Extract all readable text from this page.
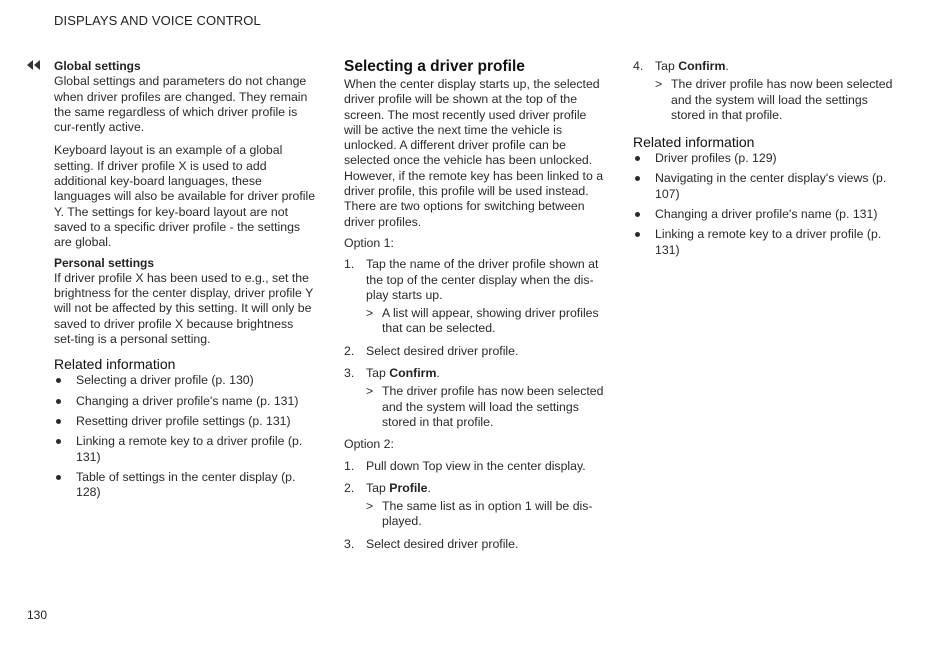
DISPLAYS AND VOICE CONTROL

Global settings

Global settings and parameters do not change when driver profiles are changed. They remain the same regardless of which driver profile is cur-rently active.

Keyboard layout is an example of a global setting. If driver profile X is used to add additional key-board languages, these languages will also be available for driver profile Y. The settings for key-board layout are not saved to a specific driver profile - the settings are global.

Personal settings

If driver profile X has been used to e.g., set the brightness for the center display, driver profile Y will not be affected by this setting. It will only be saved to driver profile X because brightness set-ting is a personal setting.

Related information

Selecting a driver profile (p. 130)
Changing a driver profile's name (p. 131)
Resetting driver profile settings (p. 131)
Linking a remote key to a driver profile (p. 131)
Table of settings in the center display (p. 128)

Selecting a driver profile

When the center display starts up, the selected driver profile will be shown at the top of the screen. The most recently used driver profile will be active the next time the vehicle is unlocked. A different driver profile can be selected once the vehicle has been unlocked. However, if the remote key has been linked to a driver profile, this profile will be used instead.

There are two options for switching between driver profiles.

Option 1:

1. Tap the name of the driver profile shown at the top of the center display when the dis-play starts up.
> A list will appear, showing driver profiles that can be selected.
2. Select desired driver profile.
3. Tap Confirm.
> The driver profile has now been selected and the system will load the settings stored in that profile.

Option 2:

1. Pull down Top view in the center display.
2. Tap Profile.
> The same list as in option 1 will be dis-played.
3. Select desired driver profile.
4. Tap Confirm.
> The driver profile has now been selected and the system will load the settings stored in that profile.

Related information

Driver profiles (p. 129)
Navigating in the center display's views (p. 107)
Changing a driver profile's name (p. 131)
Linking a remote key to a driver profile (p. 131)
130
